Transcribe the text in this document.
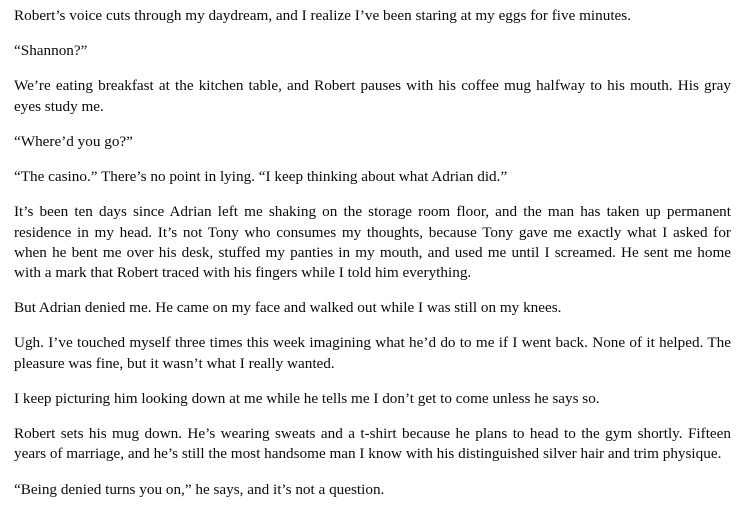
Robert’s voice cuts through my daydream, and I realize I’ve been staring at my eggs for five minutes.

“Shannon?”

We’re eating breakfast at the kitchen table, and Robert pauses with his coffee mug halfway to his mouth. His gray eyes study me.

“Where’d you go?”

“The casino.” There’s no point in lying. “I keep thinking about what Adrian did.”

It’s been ten days since Adrian left me shaking on the storage room floor, and the man has taken up permanent residence in my head. It’s not Tony who consumes my thoughts, because Tony gave me exactly what I asked for when he bent me over his desk, stuffed my panties in my mouth, and used me until I screamed. He sent me home with a mark that Robert traced with his fingers while I told him everything.

But Adrian denied me. He came on my face and walked out while I was still on my knees.

Ugh. I’ve touched myself three times this week imagining what he’d do to me if I went back. None of it helped. The pleasure was fine, but it wasn’t what I really wanted.

I keep picturing him looking down at me while he tells me I don’t get to come unless he says so.

Robert sets his mug down. He’s wearing sweats and a t-shirt because he plans to head to the gym shortly. Fifteen years of marriage, and he’s still the most handsome man I know with his distinguished silver hair and trim physique.

“Being denied turns you on,” he says, and it’s not a question.
